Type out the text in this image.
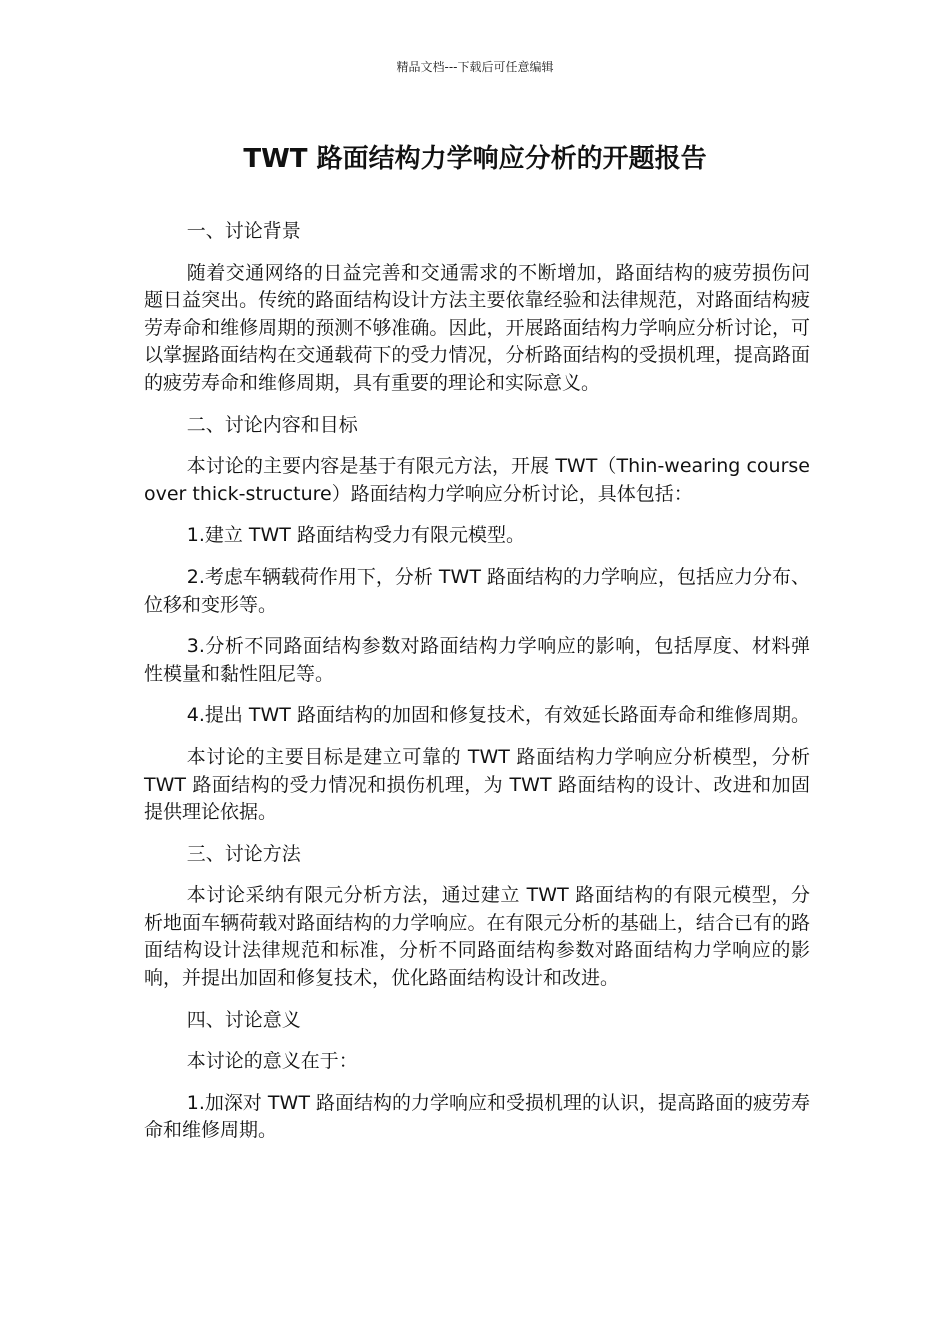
精品文档---下载后可任意编辑
TWT 路面结构力学响应分析的开题报告

一、讨论背景

随着交通网络的日益完善和交通需求的不断增加，路面结构的疲劳损伤问题日益突出。传统的路面结构设计方法主要依靠经验和法律规范，对路面结构疲劳寿命和维修周期的预测不够准确。因此，开展路面结构力学响应分析讨论，可以掌握路面结构在交通载荷下的受力情况，分析路面结构的受损机理，提高路面的疲劳寿命和维修周期，具有重要的理论和实际意义。

二、讨论内容和目标

本讨论的主要内容是基于有限元方法，开展 TWT（Thin-wearing course over thick-structure）路面结构力学响应分析讨论，具体包括：

1.建立 TWT 路面结构受力有限元模型。

2.考虑车辆载荷作用下，分析 TWT 路面结构的力学响应，包括应力分布、位移和变形等。

3.分析不同路面结构参数对路面结构力学响应的影响，包括厚度、材料弹性模量和黏性阻尼等。

4.提出 TWT 路面结构的加固和修复技术，有效延长路面寿命和维修周期。

本讨论的主要目标是建立可靠的 TWT 路面结构力学响应分析模型，分析 TWT 路面结构的受力情况和损伤机理，为 TWT 路面结构的设计、改进和加固提供理论依据。

三、讨论方法

本讨论采纳有限元分析方法，通过建立 TWT 路面结构的有限元模型，分析地面车辆荷载对路面结构的力学响应。在有限元分析的基础上，结合已有的路面结构设计法律规范和标准，分析不同路面结构参数对路面结构力学响应的影响，并提出加固和修复技术，优化路面结构设计和改进。

四、讨论意义

本讨论的意义在于：

1.加深对 TWT 路面结构的力学响应和受损机理的认识，提高路面的疲劳寿命和维修周期。
